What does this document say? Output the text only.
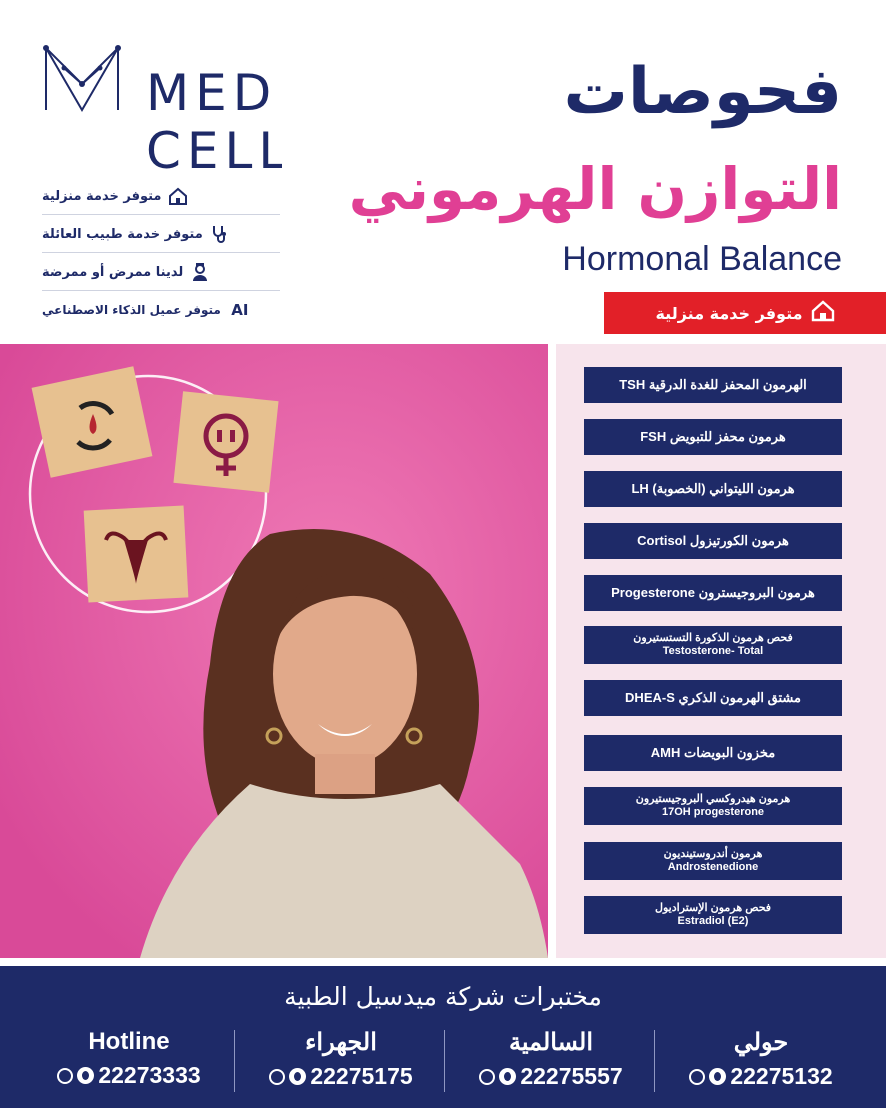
MED
CELL
متوفر خدمة منزلية
متوفر خدمة طبيب العائلة
لدينا ممرض أو ممرضة
AI
متوفر عميل الذكاء الاصطناعي
فحوصات
التوازن الهرموني
Hormonal Balance
متوفر خدمة منزلية
الهرمون المحفز للغدة الدرقية TSH
هرمون محفز للتبويض FSH
هرمون الليتواني (الخصوبة) LH
هرمون الكورتيزول Cortisol
هرمون البروجيسترون Progesterone
فحص هرمون الذكورة التستستيرون
Testosterone- Total
مشتق الهرمون الذكري DHEA-S
مخزون البويضات AMH
هرمون هيدروكسي البروجيستيرون
17OH progesterone
هرمون أندروستينديون
Androstenedione
فحص هرمون الإستراديول
Estradiol (E2)
مختبرات شركة ميدسيل الطبية
Hotline
22273333
الجهراء
22275175
السالمية
22275557
حولي
22275132
